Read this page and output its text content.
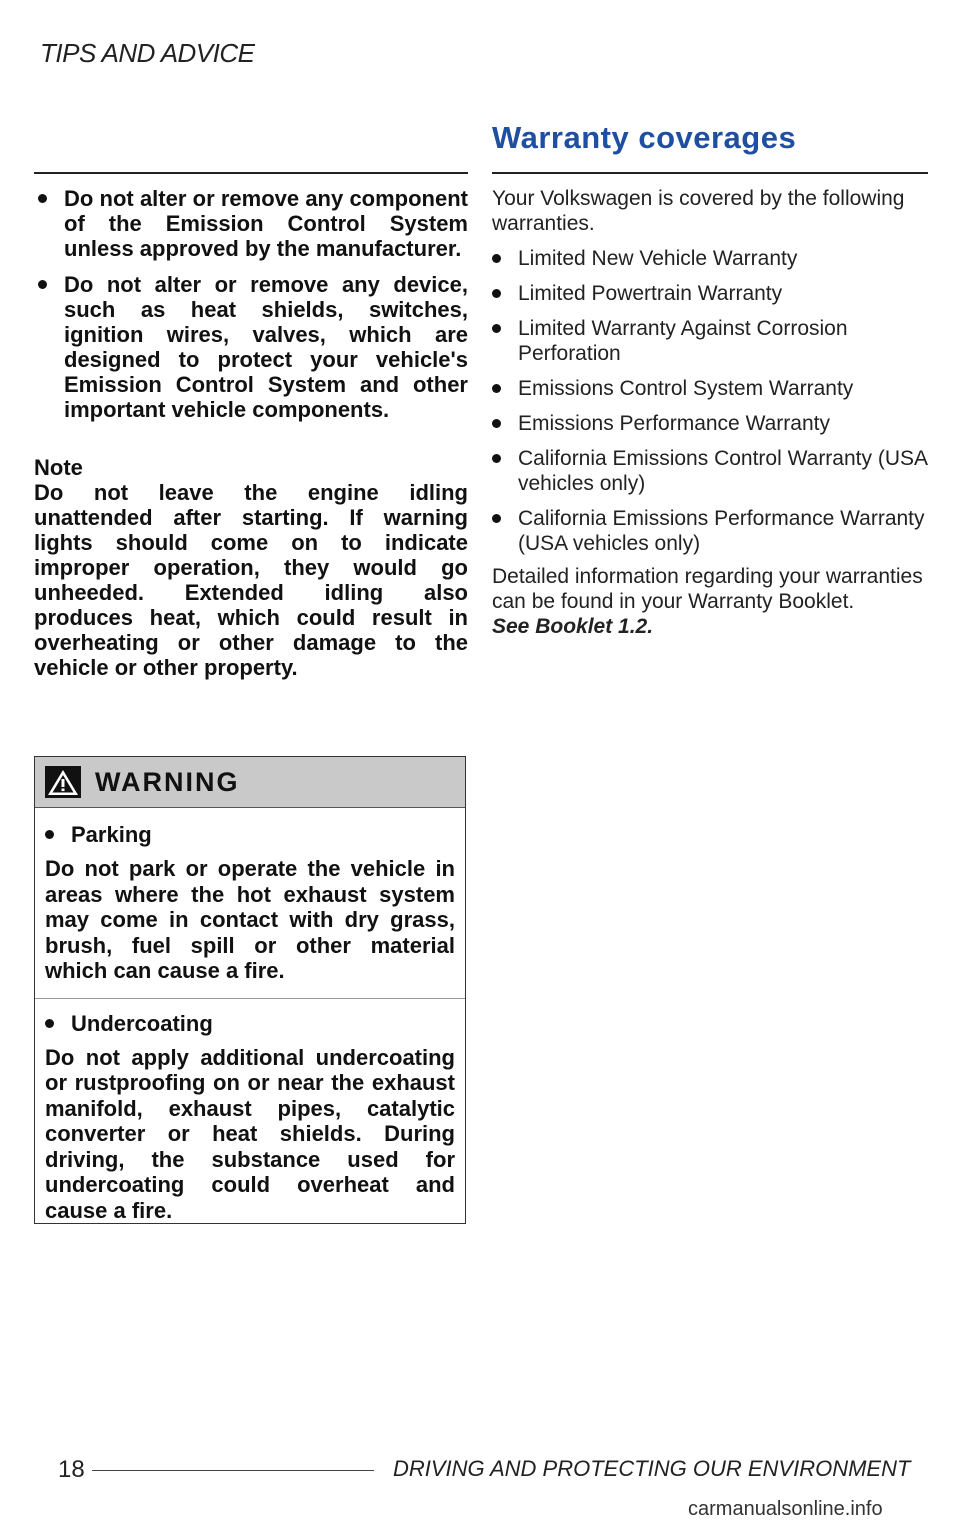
TIPS AND ADVICE

Do not alter or remove any component of the Emission Control System unless approved by the manufacturer.

Do not alter or remove any device, such as heat shields, switches, ignition wires, valves, which are designed to protect your vehicle's Emission Control System and other important vehicle components.

Note

Do not leave the engine idling unattended after starting. If warning lights should come on to indicate improper operation, they would go unheeded. Extended idling also produces heat, which could result in overheating or other damage to the vehicle or other property.

WARNING

Parking

Do not park or operate the vehicle in areas where the hot exhaust system may come in contact with dry grass, brush, fuel spill or other material which can cause a fire.

Undercoating

Do not apply additional undercoating or rustproofing on or near the exhaust manifold, exhaust pipes, catalytic converter or heat shields. During driving, the substance used for undercoating could overheat and cause a fire.

Warranty coverages

Your Volkswagen is covered by the following warranties.

Limited New Vehicle Warranty

Limited Powertrain Warranty

Limited Warranty Against Corrosion Perforation

Emissions Control System Warranty

Emissions Performance Warranty

California Emissions Control Warranty (USA vehicles only)

California Emissions Performance Warranty (USA vehicles only)

Detailed information regarding your warranties can be found in your Warranty Booklet.

See Booklet 1.2.

18	DRIVING AND PROTECTING OUR ENVIRONMENT
carmanualsonline.info
